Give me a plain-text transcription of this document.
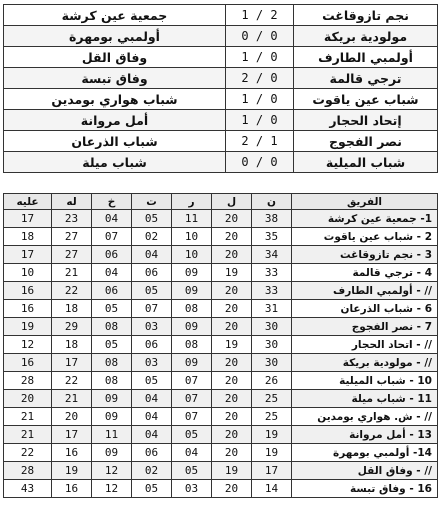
نجم تازوقاغت	2 / 1	جمعية عين كرشة
مولودية بريكة	0 / 0	أولمبي بومهرة
أولمبي الطارف	0 / 1	وفاق القل
ترجي قالمة	0 / 2	وفاق تبسة
شباب عين ياقوت	0 / 1	شباب هواري بومدين
إتحاد الحجار	0 / 1	أمل مروانة
نصر الفجوج	1 / 2	شباب الذرعان
شباب الميلية	0 / 0	شباب ميلة
الفريق	ن	ل	ر	ت	خ	له	عليه
1- جمعية عين كرشة	38	20	11	05	04	23	17
2 - شباب عين ياقوت	35	20	10	02	07	27	18
3 - نجم تازوقاغت	34	20	10	04	06	27	17
4 - ترجي قالمة	33	19	09	06	04	21	10
// - أولمبي الطارف	33	20	09	05	06	22	16
6 - شباب الذرعان	31	20	08	07	05	18	16
7 - نصر الفجوج	30	20	09	03	08	29	19
// - اتحاد الحجار	30	19	08	06	05	18	12
// - مولودية بريكة	30	20	09	03	08	17	16
10 - شباب الميلية	26	20	07	05	08	22	28
11 - شباب ميلة	25	20	07	04	09	21	20
// - ش. هواري بومدين	25	20	07	04	09	20	21
13 - أمل مروانة	19	20	05	04	11	17	21
14- أولمبي بومهرة	19	20	04	06	09	16	22
// - وفاق القل	17	19	05	02	12	19	28
16 - وفاق تبسة	14	20	03	05	12	16	43
